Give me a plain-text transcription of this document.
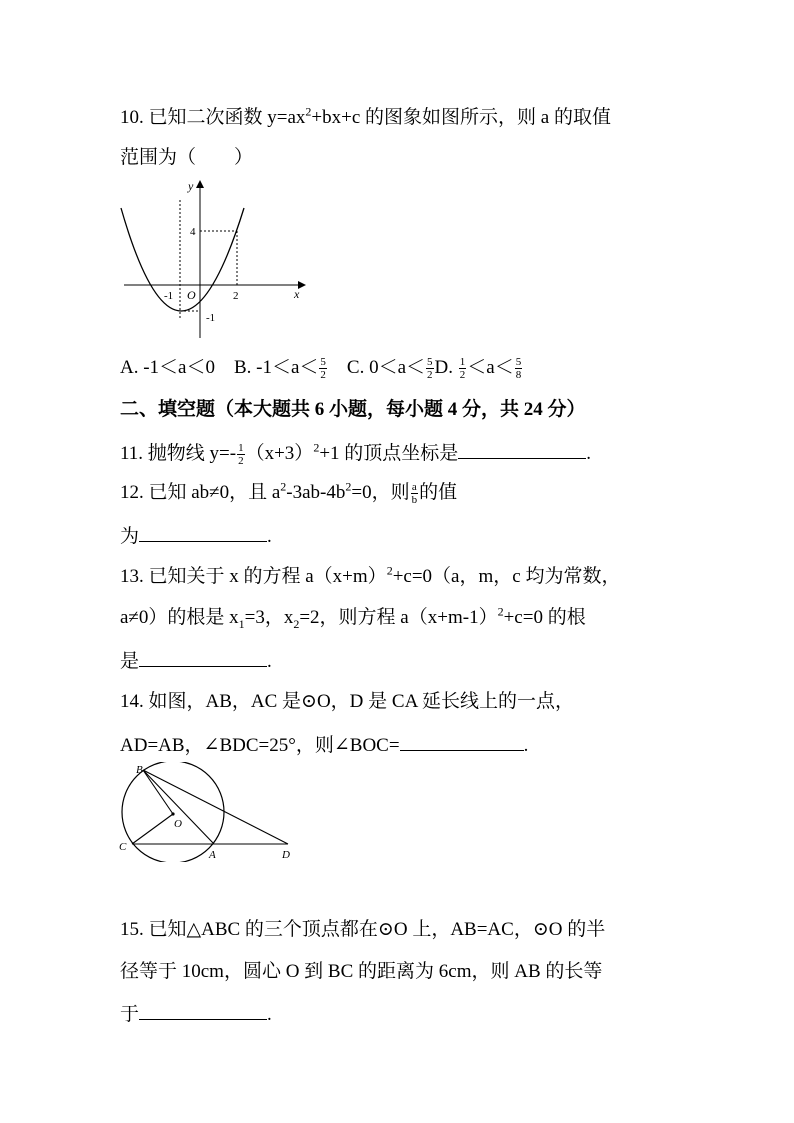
10. 已知二次函数 $y=ax^2+bx+c$ 的图象如图所示，则 a 的取值
范围为（　　）
y
x
O
4
2
-1
-1
A. -1＜a＜0 B. $-1<a< \frac{5}{2} C$. $0<a< \frac{5}{2} D$. $\frac{1}{2} <a< \frac{5}{8}$
二、填空题（本大题共 6 小题，每小题 4 分，共 24 分）
11. 抛物线 $y=- \frac{1}{2} (x+3)^2+1$ 的顶点坐标是	.
12. 已知 ab≠0，且 $a^2-3ab-4b^2=0$，则 $\frac{a}{b}$ 的值
为	.
13. 已知关于 x 的方程 $a(x+m)^2+c=0(a$，m，c 均为常数，
a≠0）的根是 $x_1=3$，$x_2=2$，则方程 $a(x+m-1)^2+c=0$ 的根
是	.
14. 如图，AB，AC 是⊙O，D 是 CA 延长线上的一点，
AD=AB，∠BDC=25°，则∠BOC=	.
B
O
C
A	D
15. 已知△ABC 的三个顶点都在⊙O 上，AB=AC，⊙O 的半
径等于 10cm，圆心 O 到 BC 的距离为 6cm，则 AB 的长等
于	.
